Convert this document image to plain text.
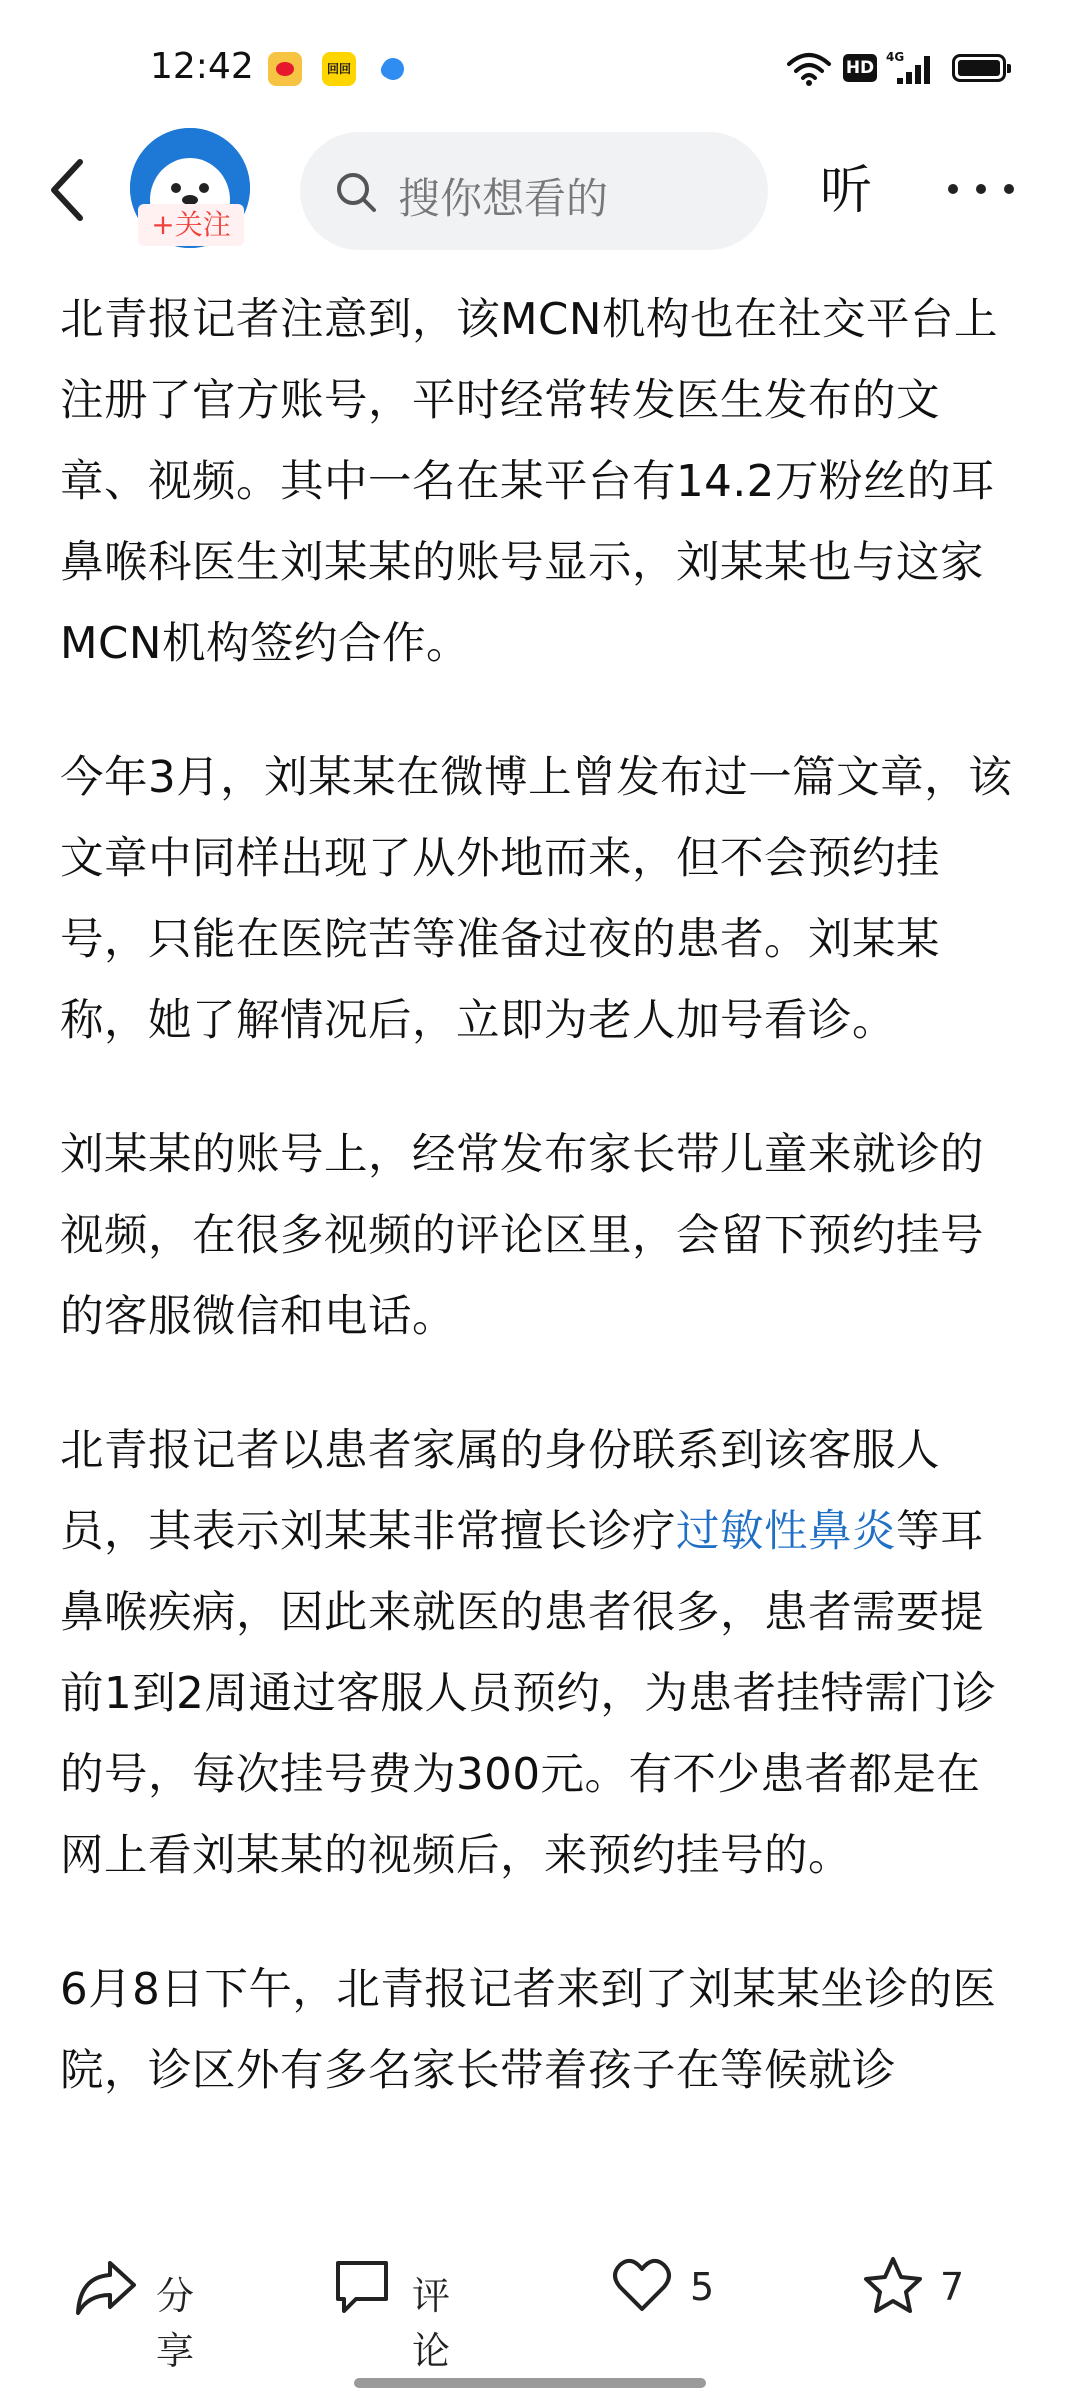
12:42	回回	HD
4G
+关注
搜你想看的	听

北青报记者注意到，该MCN机构也在社交平台上注册了官方账号，平时经常转发医生发布的文章、视频。其中一名在某平台有14.2万粉丝的耳鼻喉科医生刘某某的账号显示，刘某某也与这家MCN机构签约合作。

今年3月，刘某某在微博上曾发布过一篇文章，该文章中同样出现了从外地而来，但不会预约挂号，只能在医院苦等准备过夜的患者。刘某某称，她了解情况后，立即为老人加号看诊。

刘某某的账号上，经常发布家长带儿童来就诊的视频，在很多视频的评论区里，会留下预约挂号的客服微信和电话。

北青报记者以患者家属的身份联系到该客服人员，其表示刘某某非常擅长诊疗过敏性鼻炎等耳鼻喉疾病，因此来就医的患者很多，患者需要提前1到2周通过客服人员预约，为患者挂特需门诊的号，每次挂号费为300元。有不少患者都是在网上看刘某某的视频后，来预约挂号的。

6月8日下午，北青报记者来到了刘某某坐诊的医院，诊区外有多名家长带着孩子在等候就诊

分享
评论
5	7
